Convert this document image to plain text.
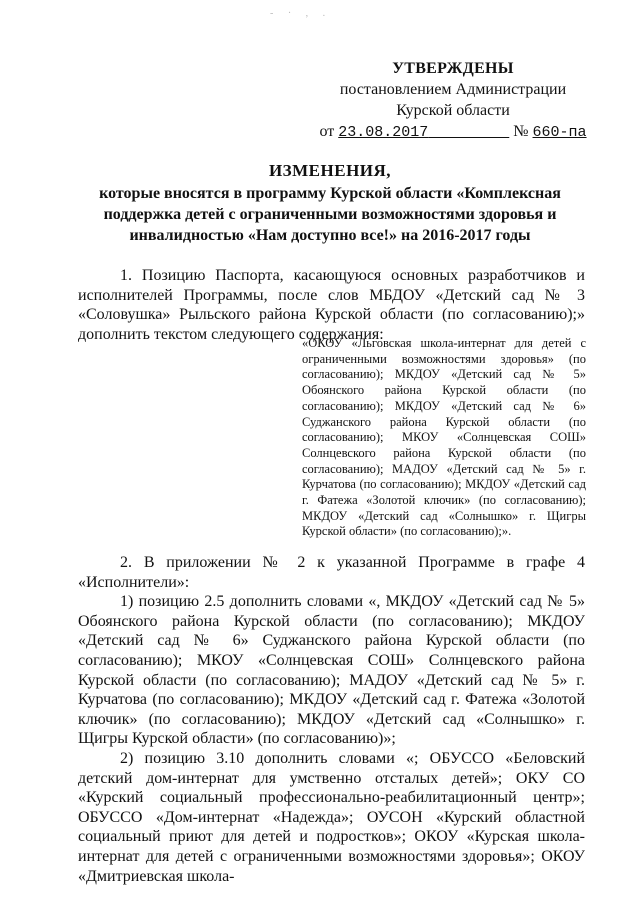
- · , .
УТВЕРЖДЕНЫ
постановлением Администрации
Курской области
от 23.08.2017	№ 660-па
ИЗМЕНЕНИЯ,
которые вносятся в программу Курской области «Комплексная поддержка детей с ограниченными возможностями здоровья и инвалидностью «Нам доступно все!» на 2016-2017 годы
1. Позицию Паспорта, касающуюся основных разработчиков и исполнителей Программы, после слов МБДОУ «Детский сад № 3 «Соловушка» Рыльского района Курской области (по согласованию);» дополнить текстом следующего содержания:
«ОКОУ «Льговская школа-интернат для детей с ограниченными возможностями здоровья» (по согласованию); МКДОУ «Детский сад № 5» Обоянского района Курской области (по согласованию); МКДОУ «Детский сад № 6» Суджанского района Курской области (по согласованию); МКОУ «Солнцевская СОШ» Солнцевского района Курской области (по согласованию); МАДОУ «Детский сад № 5» г. Курчатова (по согласованию); МКДОУ «Детский сад г. Фатежа «Золотой ключик» (по согласованию); МКДОУ «Детский сад «Солнышко» г. Щигры Курской области» (по согласованию);».
2. В приложении № 2 к указанной Программе в графе 4 «Исполнители»:
1) позицию 2.5 дополнить словами «, МКДОУ «Детский сад № 5» Обоянского района Курской области (по согласованию); МКДОУ «Детский сад № 6» Суджанского района Курской области (по согласованию); МКОУ «Солнцевская СОШ» Солнцевского района Курской области (по согласованию); МАДОУ «Детский сад № 5» г. Курчатова (по согласованию); МКДОУ «Детский сад г. Фатежа «Золотой ключик» (по согласованию); МКДОУ «Детский сад «Солнышко» г. Щигры Курской области» (по согласованию)»;
2) позицию 3.10 дополнить словами «; ОБУССО «Беловский детский дом-интернат для умственно отсталых детей»; ОКУ СО «Курский социальный профессионально-реабилитационный центр»; ОБУССО «Дом-интернат «Надежда»; ОУСОН «Курский областной социальный приют для детей и подростков»; ОКОУ «Курская школа-интернат для детей с ограниченными возможностями здоровья»; ОКОУ «Дмитриевская школа-
